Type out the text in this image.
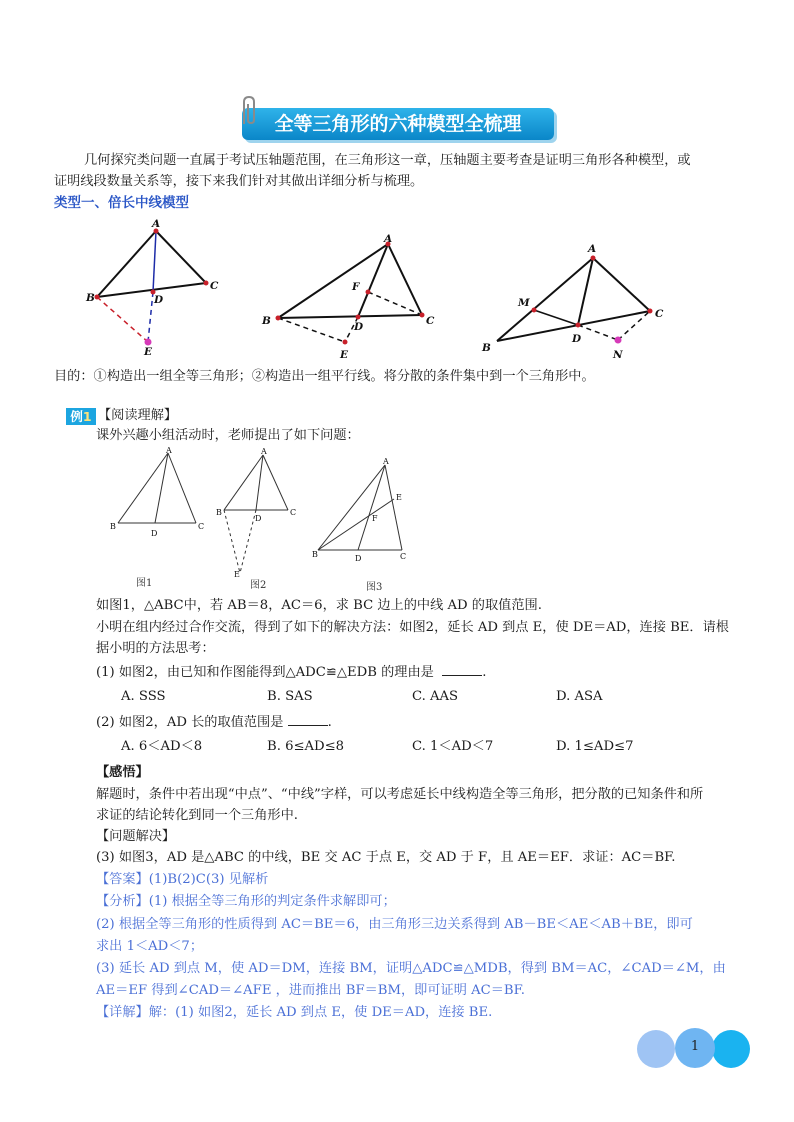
全等三角形的六种模型全梳理
几何探究类问题一直属于考试压轴题范围，在三角形这一章，压轴题主要考查是证明三角形各种模型，或
证明线段数量关系等，接下来我们针对其做出详细分析与梳理。
类型一、倍长中线模型
A
B
C
D
E
A
B	C
D
E
F
A
B
C
D
M
N
目的：①构造出一组全等三角形；②构造出一组平行线。将分散的条件集中到一个三角形中。
例1 【阅读理解】
课外兴趣小组活动时，老师提出了如下问题：
A
B	C
D
图1
A
B	C
D
E
图2
A
B	C
D
E
F
图3
如图1，△ABC中，若 AB＝8，AC＝6，求 BC 边上的中线 AD 的取值范围.
小明在组内经过合作交流，得到了如下的解决方法：如图2，延长 AD 到点 E，使 DE＝AD，连接 BE．请根
据小明的方法思考：
(1) 如图2，由已知和作图能得到△ADC≌△EDB 的理由是	.
A. SSS	B. SAS	C. AAS	D. ASA
(2) 如图2，AD 长的取值范围是	.
A. 6＜AD＜8	B. 6≤AD≤8	C. 1＜AD＜7	D. 1≤AD≤7
【感悟】
解题时，条件中若出现“中点”、“中线”字样，可以考虑延长中线构造全等三角形，把分散的已知条件和所
求证的结论转化到同一个三角形中.
【问题解决】
(3) 如图3，AD 是△ABC 的中线，BE 交 AC 于点 E，交 AD 于 F，且 AE＝EF．求证：AC＝BF.
【答案】(1)B(2)C(3) 见解析
【分析】(1) 根据全等三角形的判定条件求解即可；
(2) 根据全等三角形的性质得到 AC＝BE＝6，由三角形三边关系得到 AB－BE＜AE＜AB＋BE，即可
求出 1＜AD＜7；
(3) 延长 AD 到点 M，使 AD＝DM，连接 BM，证明△ADC≌△MDB，得到 BM＝AC，∠CAD＝∠M，由
AE＝EF 得到∠CAD＝∠AFE ，进而推出 BF＝BM，即可证明 AC＝BF.
【详解】解：(1) 如图2，延长 AD 到点 E，使 DE＝AD，连接 BE.
1
